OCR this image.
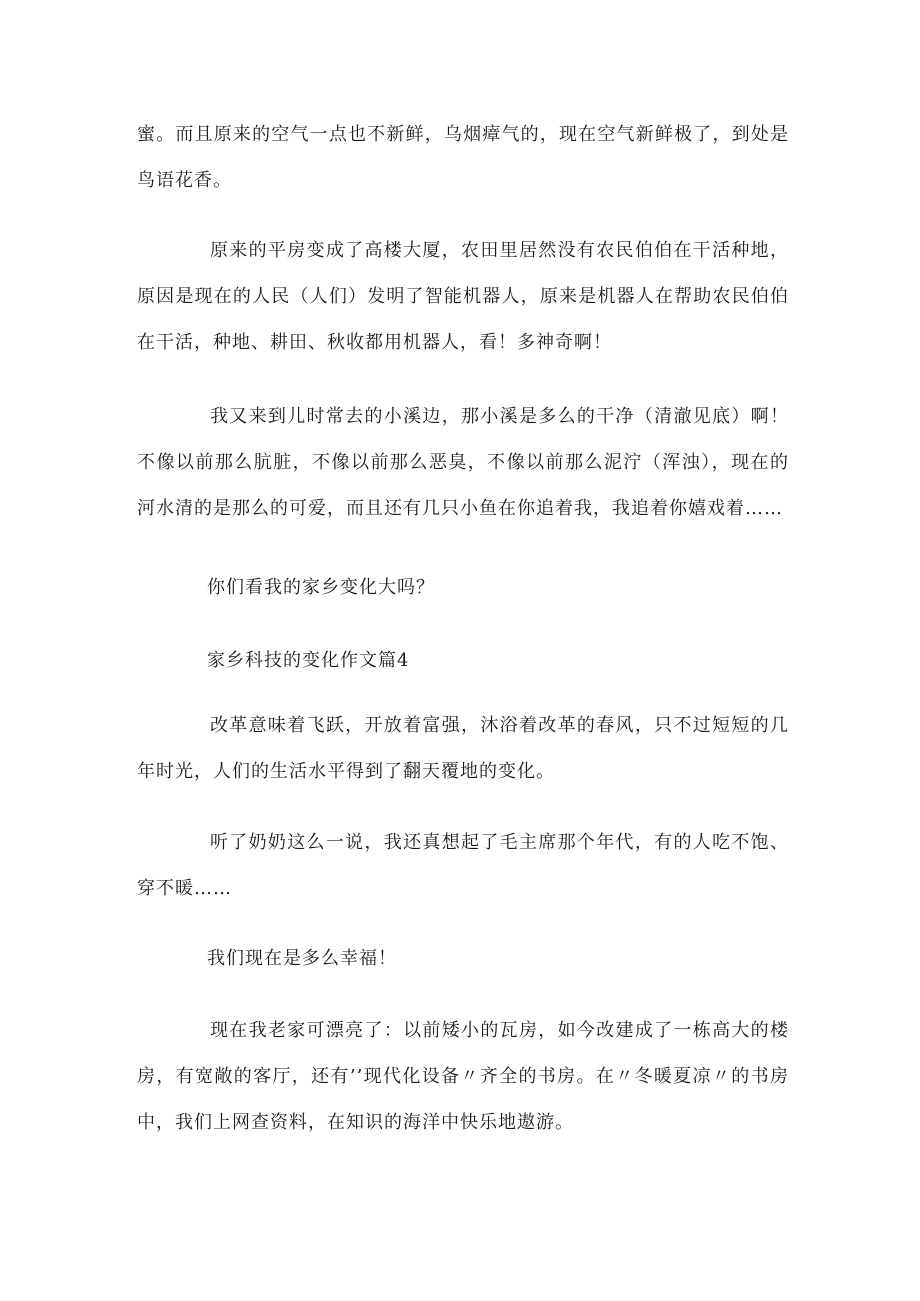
蜜。而且原来的空气一点也不新鲜，乌烟瘴气的，现在空气新鲜极了，到处是鸟语花香。

原来的平房变成了高楼大厦，农田里居然没有农民伯伯在干活种地，原因是现在的人民（人们）发明了智能机器人，原来是机器人在帮助农民伯伯在干活，种地、耕田、秋收都用机器人，看！多神奇啊！

我又来到儿时常去的小溪边，那小溪是多么的干净（清澈见底）啊！不像以前那么肮脏，不像以前那么恶臭，不像以前那么泥泞（浑浊），现在的河水清的是那么的可爱，而且还有几只小鱼在你追着我，我追着你嬉戏着……

你们看我的家乡变化大吗？

家乡科技的变化作文篇4

改革意味着飞跃，开放着富强，沐浴着改革的春风，只不过短短的几年时光，人们的生活水平得到了翻天覆地的变化。

听了奶奶这么一说，我还真想起了毛主席那个年代，有的人吃不饱、穿不暖……

我们现在是多么幸福！

现在我老家可漂亮了：以前矮小的瓦房，如今改建成了一栋高大的楼房，有宽敞的客厅，还有’’现代化设备〃齐全的书房。在〃冬暖夏凉〃的书房中，我们上网查资料，在知识的海洋中快乐地遨游。
